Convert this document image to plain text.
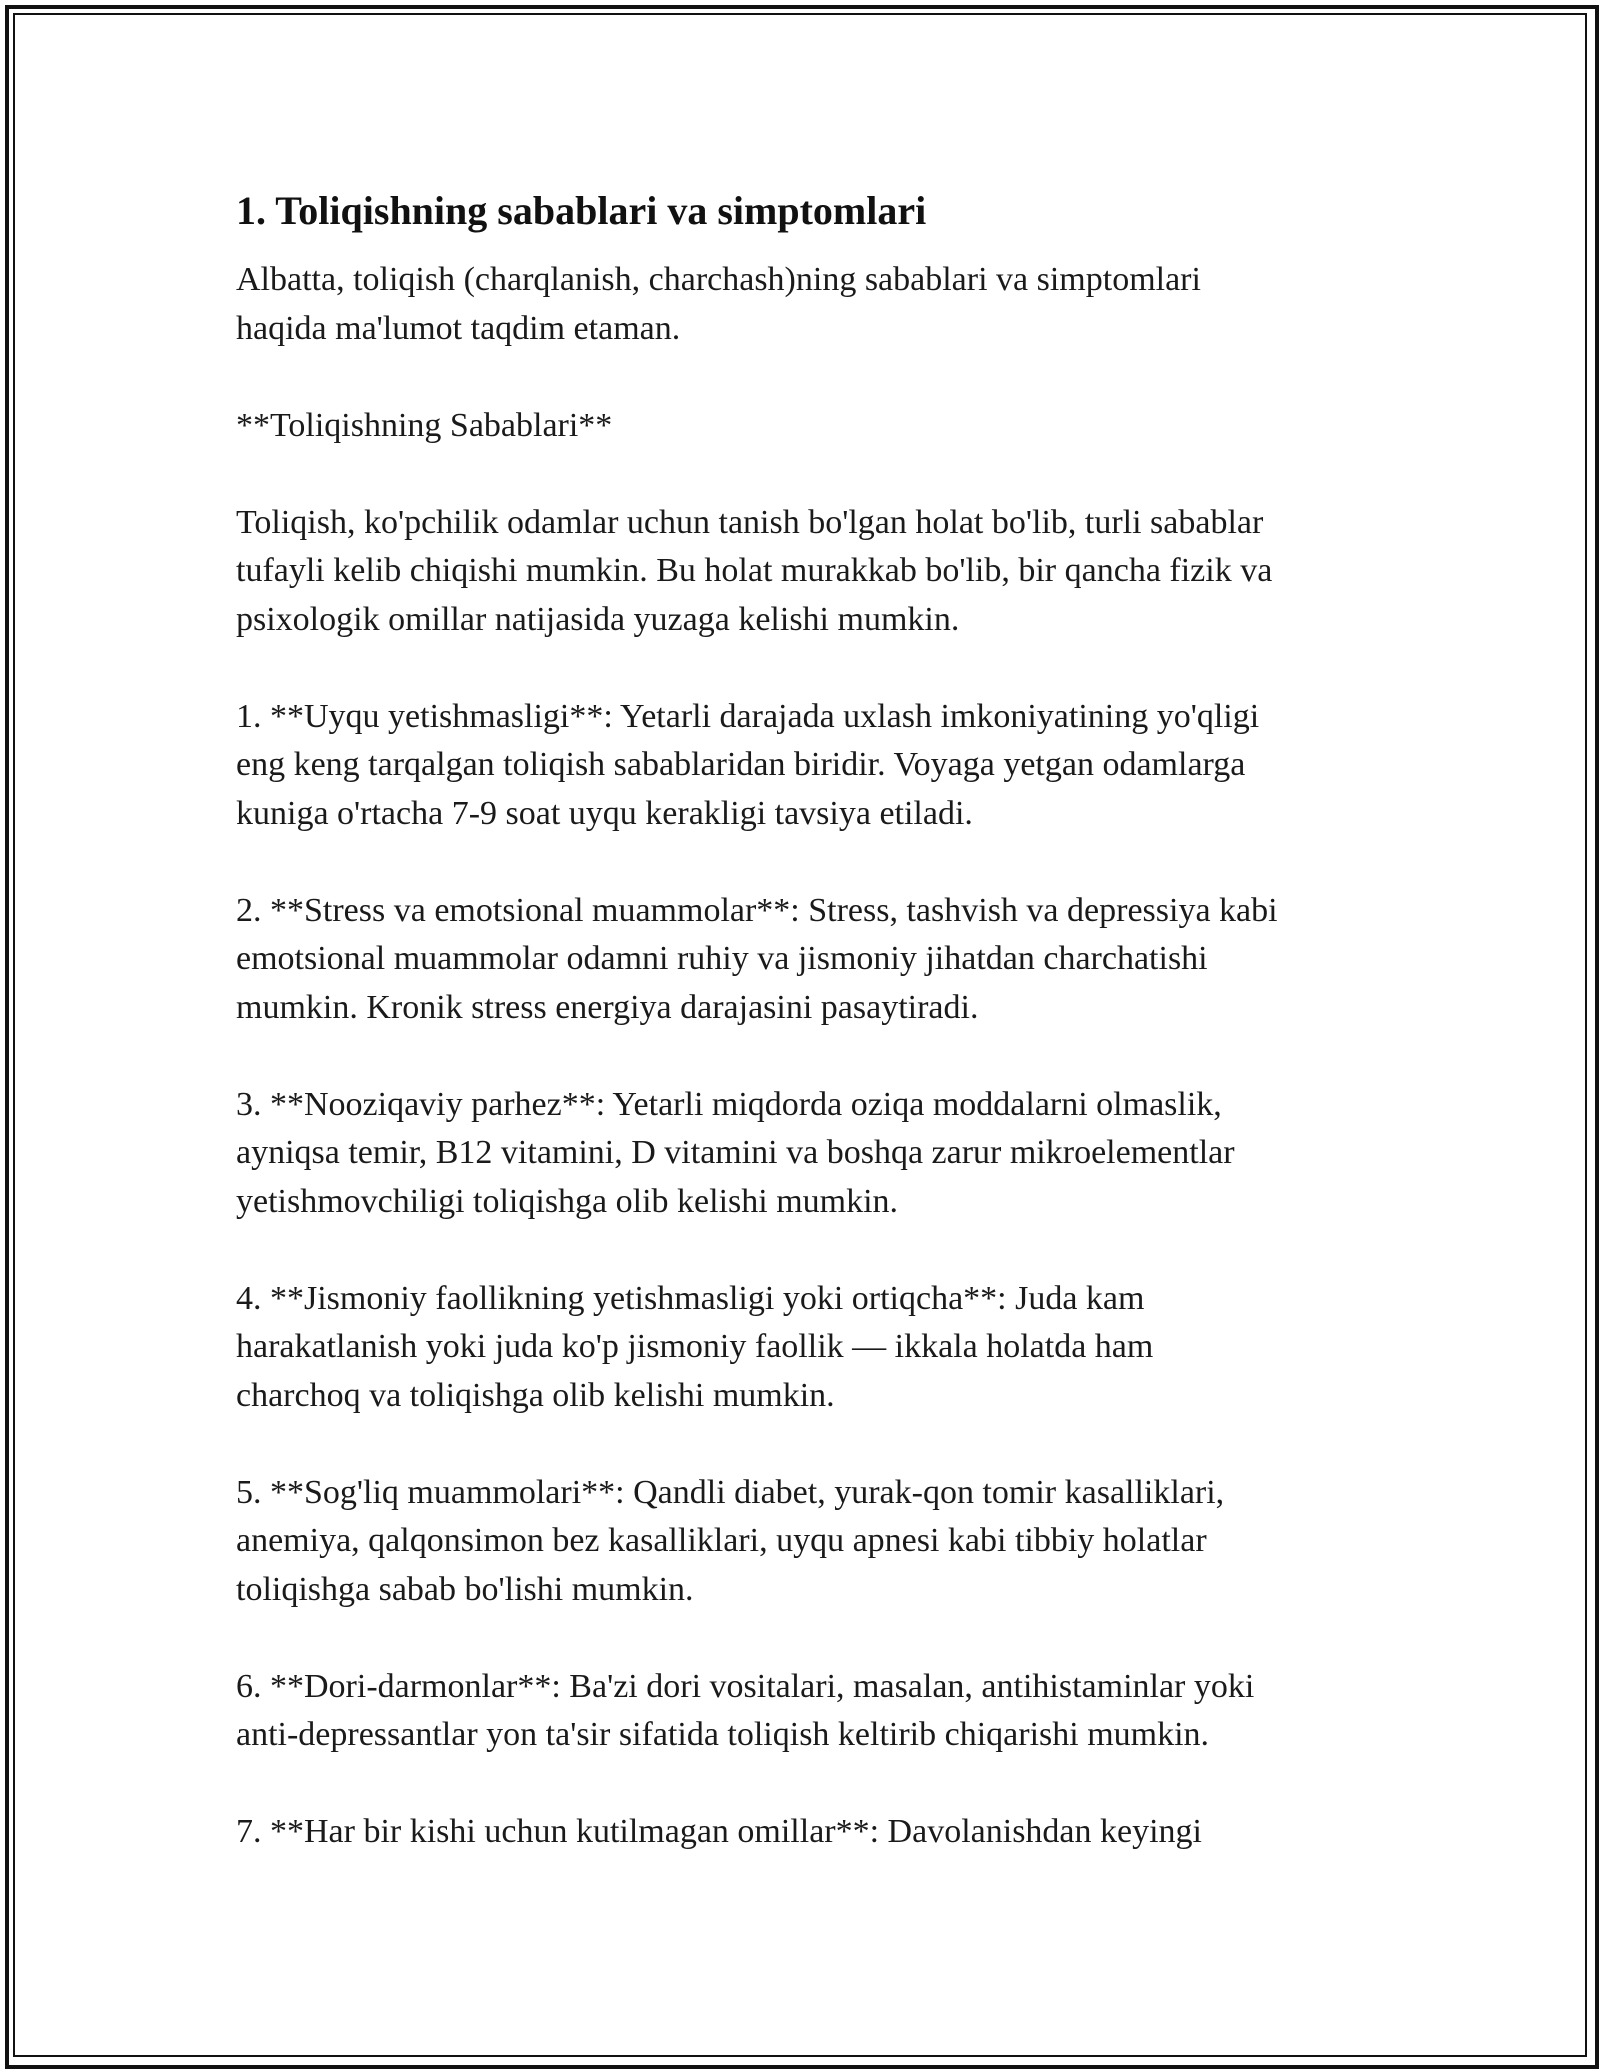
1. Toliqishning sabablari va simptomlari

Albatta, toliqish (charqlanish, charchash)ning sabablari va simptomlari
haqida ma'lumot taqdim etaman.

**Toliqishning Sabablari**

Toliqish, ko'pchilik odamlar uchun tanish bo'lgan holat bo'lib, turli sabablar
tufayli kelib chiqishi mumkin. Bu holat murakkab bo'lib, bir qancha fizik va
psixologik omillar natijasida yuzaga kelishi mumkin.

1. **Uyqu yetishmasligi**: Yetarli darajada uxlash imkoniyatining yo'qligi
eng keng tarqalgan toliqish sabablaridan biridir. Voyaga yetgan odamlarga
kuniga o'rtacha 7-9 soat uyqu kerakligi tavsiya etiladi.

2. **Stress va emotsional muammolar**: Stress, tashvish va depressiya kabi
emotsional muammolar odamni ruhiy va jismoniy jihatdan charchatishi
mumkin. Kronik stress energiya darajasini pasaytiradi.

3. **Nooziqaviy parhez**: Yetarli miqdorda oziqa moddalarni olmaslik,
ayniqsa temir, B12 vitamini, D vitamini va boshqa zarur mikroelementlar
yetishmovchiligi toliqishga olib kelishi mumkin.

4. **Jismoniy faollikning yetishmasligi yoki ortiqcha**: Juda kam
harakatlanish yoki juda ko'p jismoniy faollik — ikkala holatda ham
charchoq va toliqishga olib kelishi mumkin.

5. **Sog'liq muammolari**: Qandli diabet, yurak-qon tomir kasalliklari,
anemiya, qalqonsimon bez kasalliklari, uyqu apnesi kabi tibbiy holatlar
toliqishga sabab bo'lishi mumkin.

6. **Dori-darmonlar**: Ba'zi dori vositalari, masalan, antihistaminlar yoki
anti-depressantlar yon ta'sir sifatida toliqish keltirib chiqarishi mumkin.

7. **Har bir kishi uchun kutilmagan omillar**: Davolanishdan keyingi
